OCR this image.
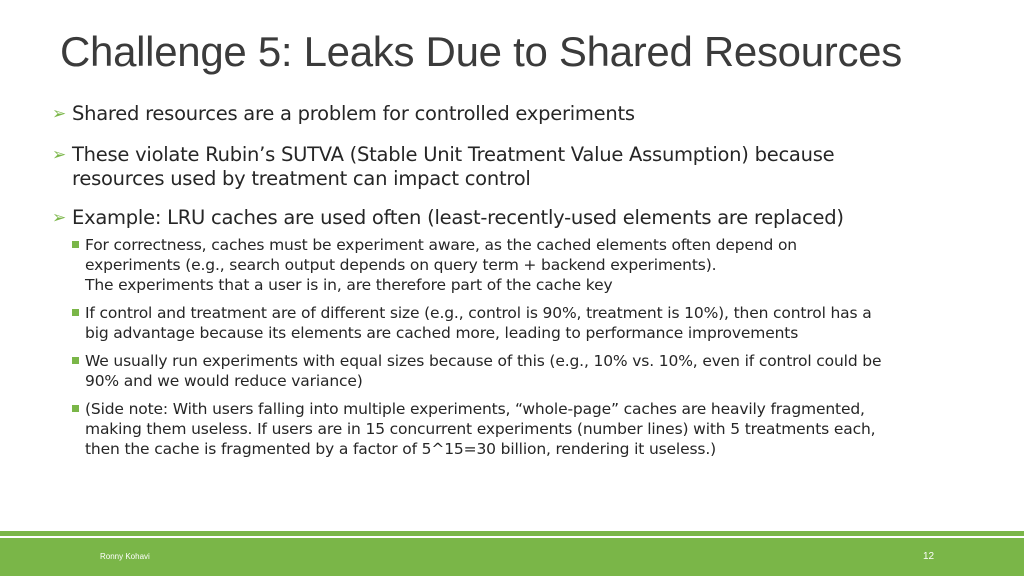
Challenge 5: Leaks Due to Shared Resources
➢ Shared resources are a problem for controlled experiments
➢ These violate Rubin’s SUTVA (Stable Unit Treatment Value Assumption) because
resources used by treatment can impact control
➢ Example: LRU caches are used often (least-recently-used elements are replaced)
For correctness, caches must be experiment aware, as the cached elements often depend on
experiments (e.g., search output depends on query term + backend experiments).
The experiments that a user is in, are therefore part of the cache key
If control and treatment are of different size (e.g., control is 90%, treatment is 10%), then control has a
big advantage because its elements are cached more, leading to performance improvements
We usually run experiments with equal sizes because of this (e.g., 10% vs. 10%, even if control could be
90% and we would reduce variance)
(Side note: With users falling into multiple experiments, “whole-page” caches are heavily fragmented,
making them useless. If users are in 15 concurrent experiments (number lines) with 5 treatments each,
then the cache is fragmented by a factor of 5^15=30 billion, rendering it useless.)
Ronny Kohavi	12
